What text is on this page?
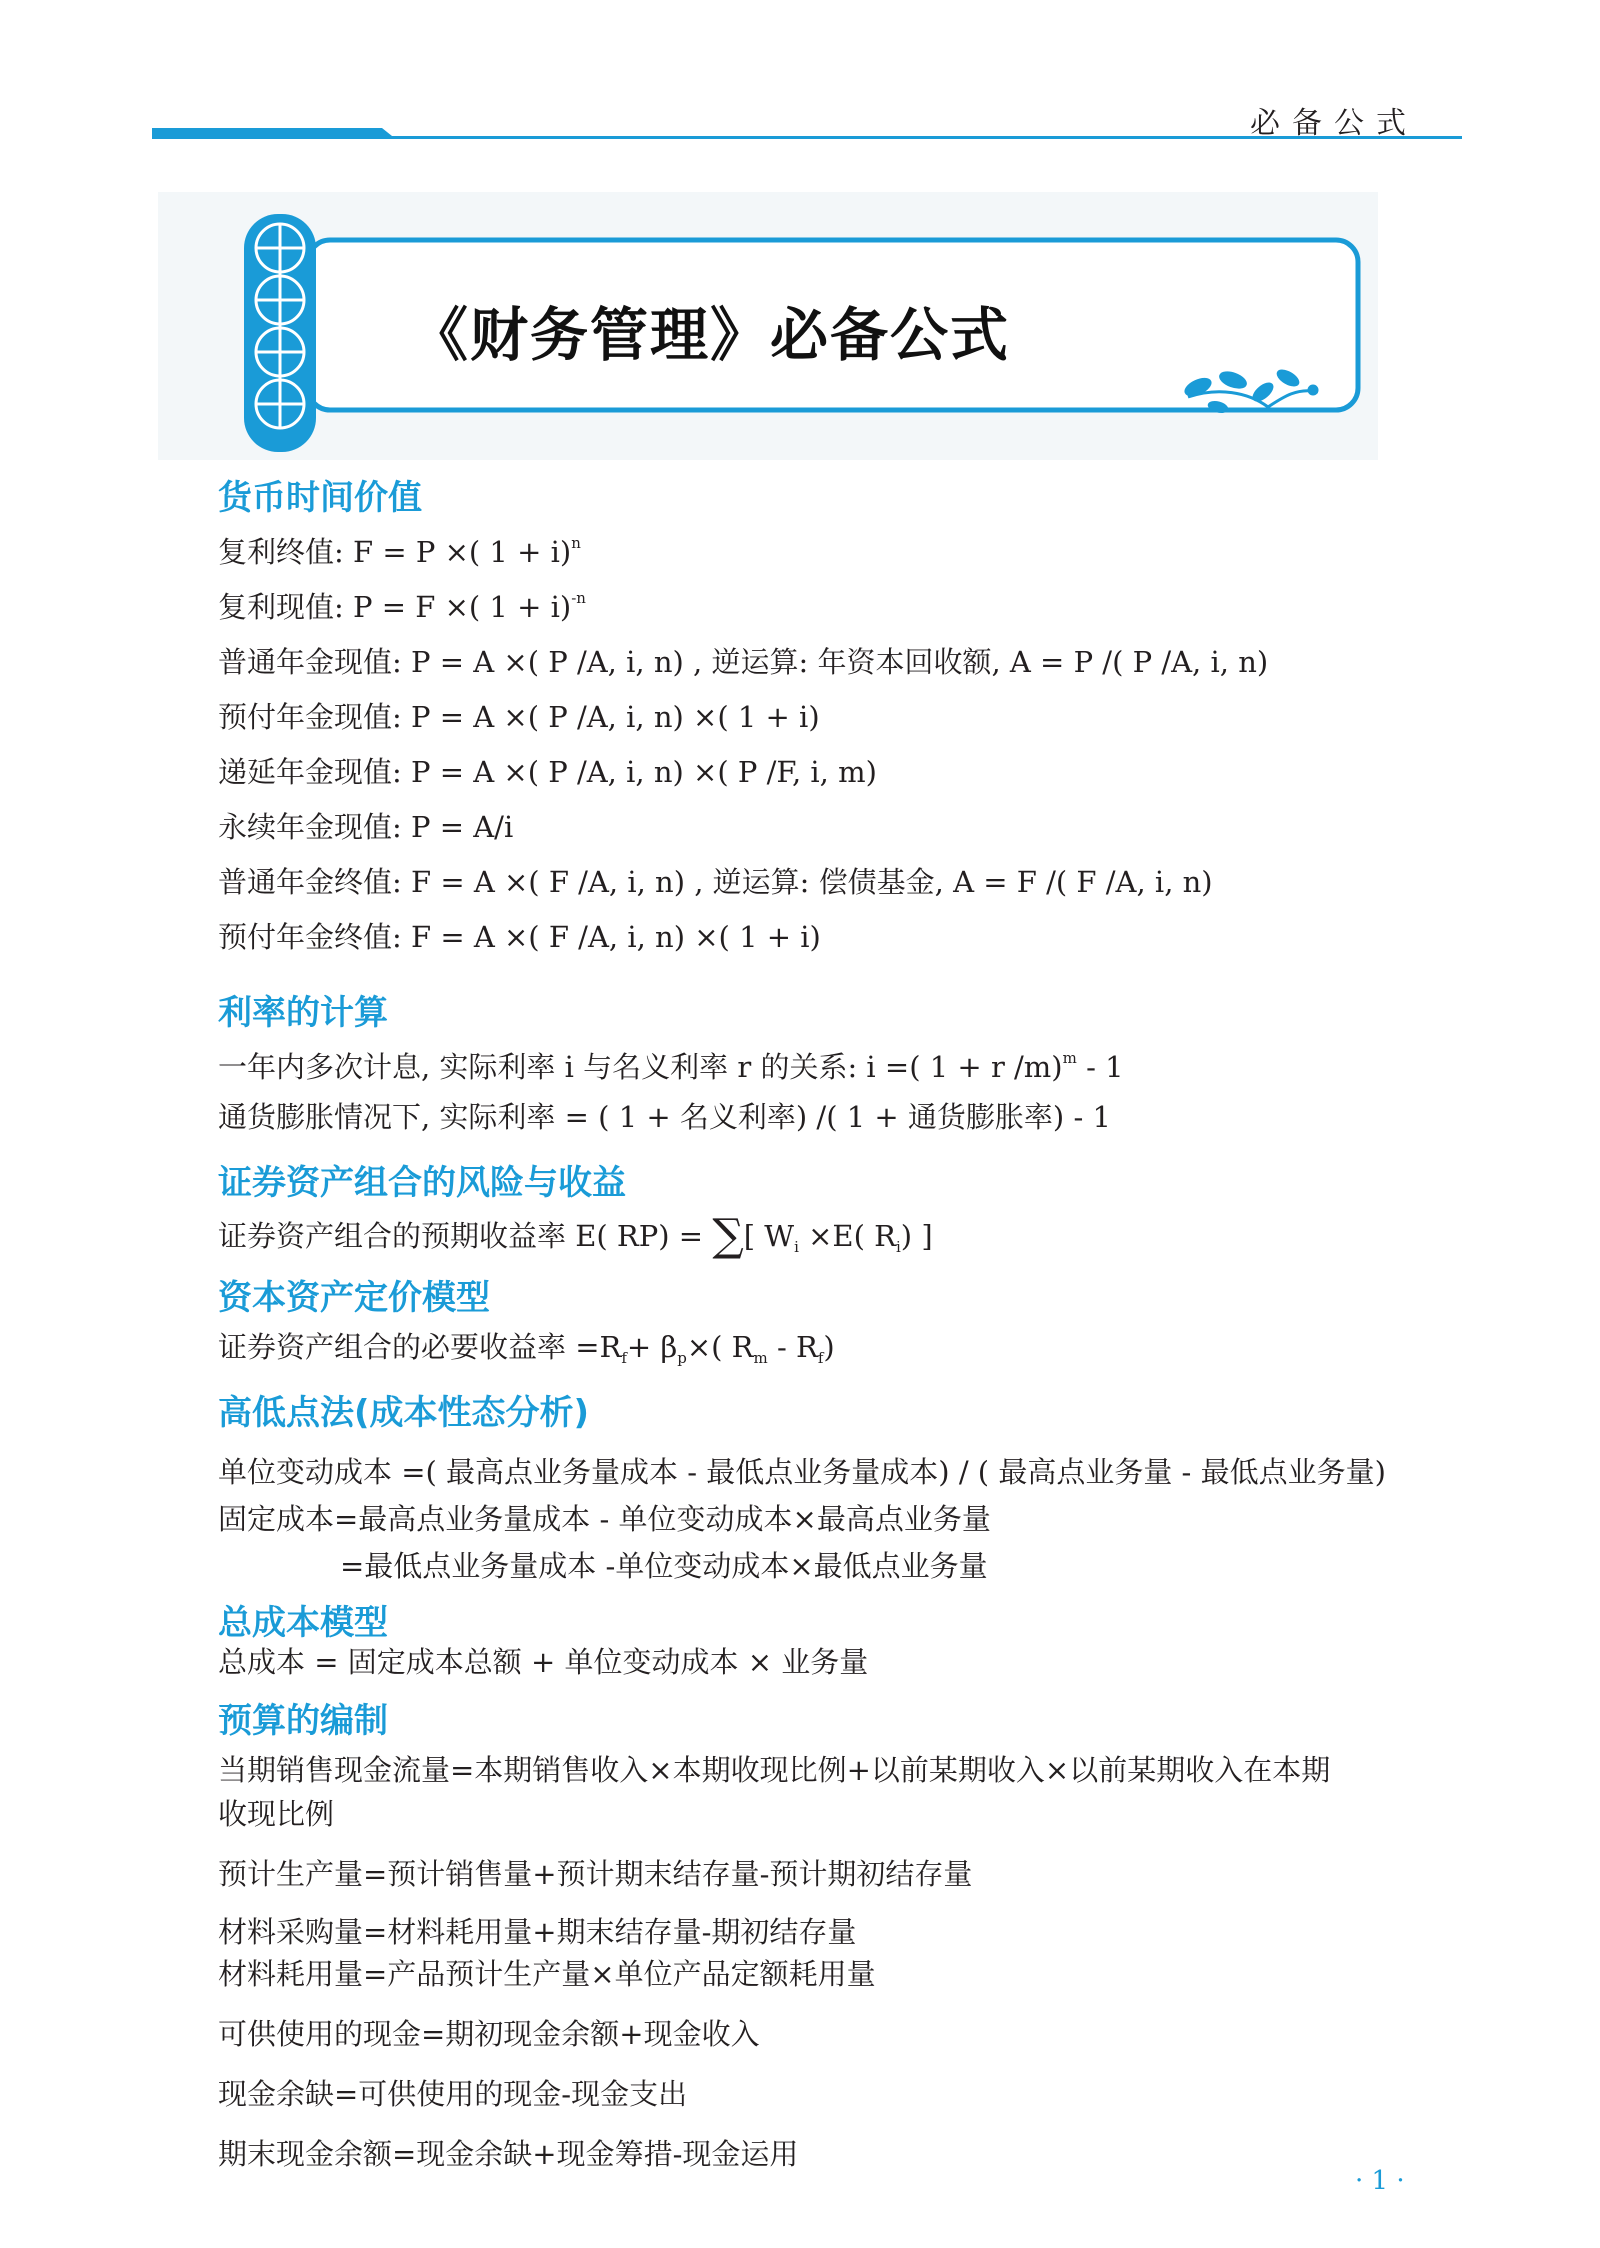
必备公式
《财务管理》必备公式
货币时间价值
复利终值: F = P ×( 1 + i)$^n$
复利现值: P = F ×( 1 + i)$^{-n}$
普通年金现值: P = A ×( P /A, i, n) , 逆运算: 年资本回收额, A = P /( P /A, i, n)
预付年金现值: P = A ×( P /A, i, n) ×( 1 + i)
递延年金现值: P = A ×( P /A, i, n) ×( P /F, i, m)
永续年金现值: P = A/i
普通年金终值: F = A ×( F /A, i, n) , 逆运算: 偿债基金, A = F /( F /A, i, n)
预付年金终值: F = A ×( F /A, i, n) ×( 1 + i)
利率的计算
一年内多次计息, 实际利率 i 与名义利率 r 的关系: i =( 1 + r /m)$^m$ - 1
通货膨胀情况下, 实际利率 = ( 1 + 名义利率) /( 1 + 通货膨胀率) - 1
证券资产组合的风险与收益
证券资产组合的预期收益率 E( RP) = ∑[ $W_i \times E$( $R_i$) ]
资本资产定价模型
证券资产组合的必要收益率 $=R_f+ \beta_p\times$( $R_m - R_f$)
高低点法(成本性态分析)
单位变动成本 =( 最高点业务量成本 - 最低点业务量成本) / ( 最高点业务量 - 最低点业务量)
固定成本=最高点业务量成本 - 单位变动成本×最高点业务量
=最低点业务量成本 -单位变动成本×最低点业务量
总成本模型
总成本 = 固定成本总额 + 单位变动成本 × 业务量
预算的编制
当期销售现金流量=本期销售收入×本期收现比例+以前某期收入×以前某期收入在本期
收现比例
预计生产量=预计销售量+预计期末结存量-预计期初结存量
材料采购量=材料耗用量+期末结存量-期初结存量
材料耗用量=产品预计生产量×单位产品定额耗用量
可供使用的现金=期初现金余额+现金收入
现金余缺=可供使用的现金-现金支出
期末现金余额=现金余缺+现金筹措-现金运用
· 1 ·
